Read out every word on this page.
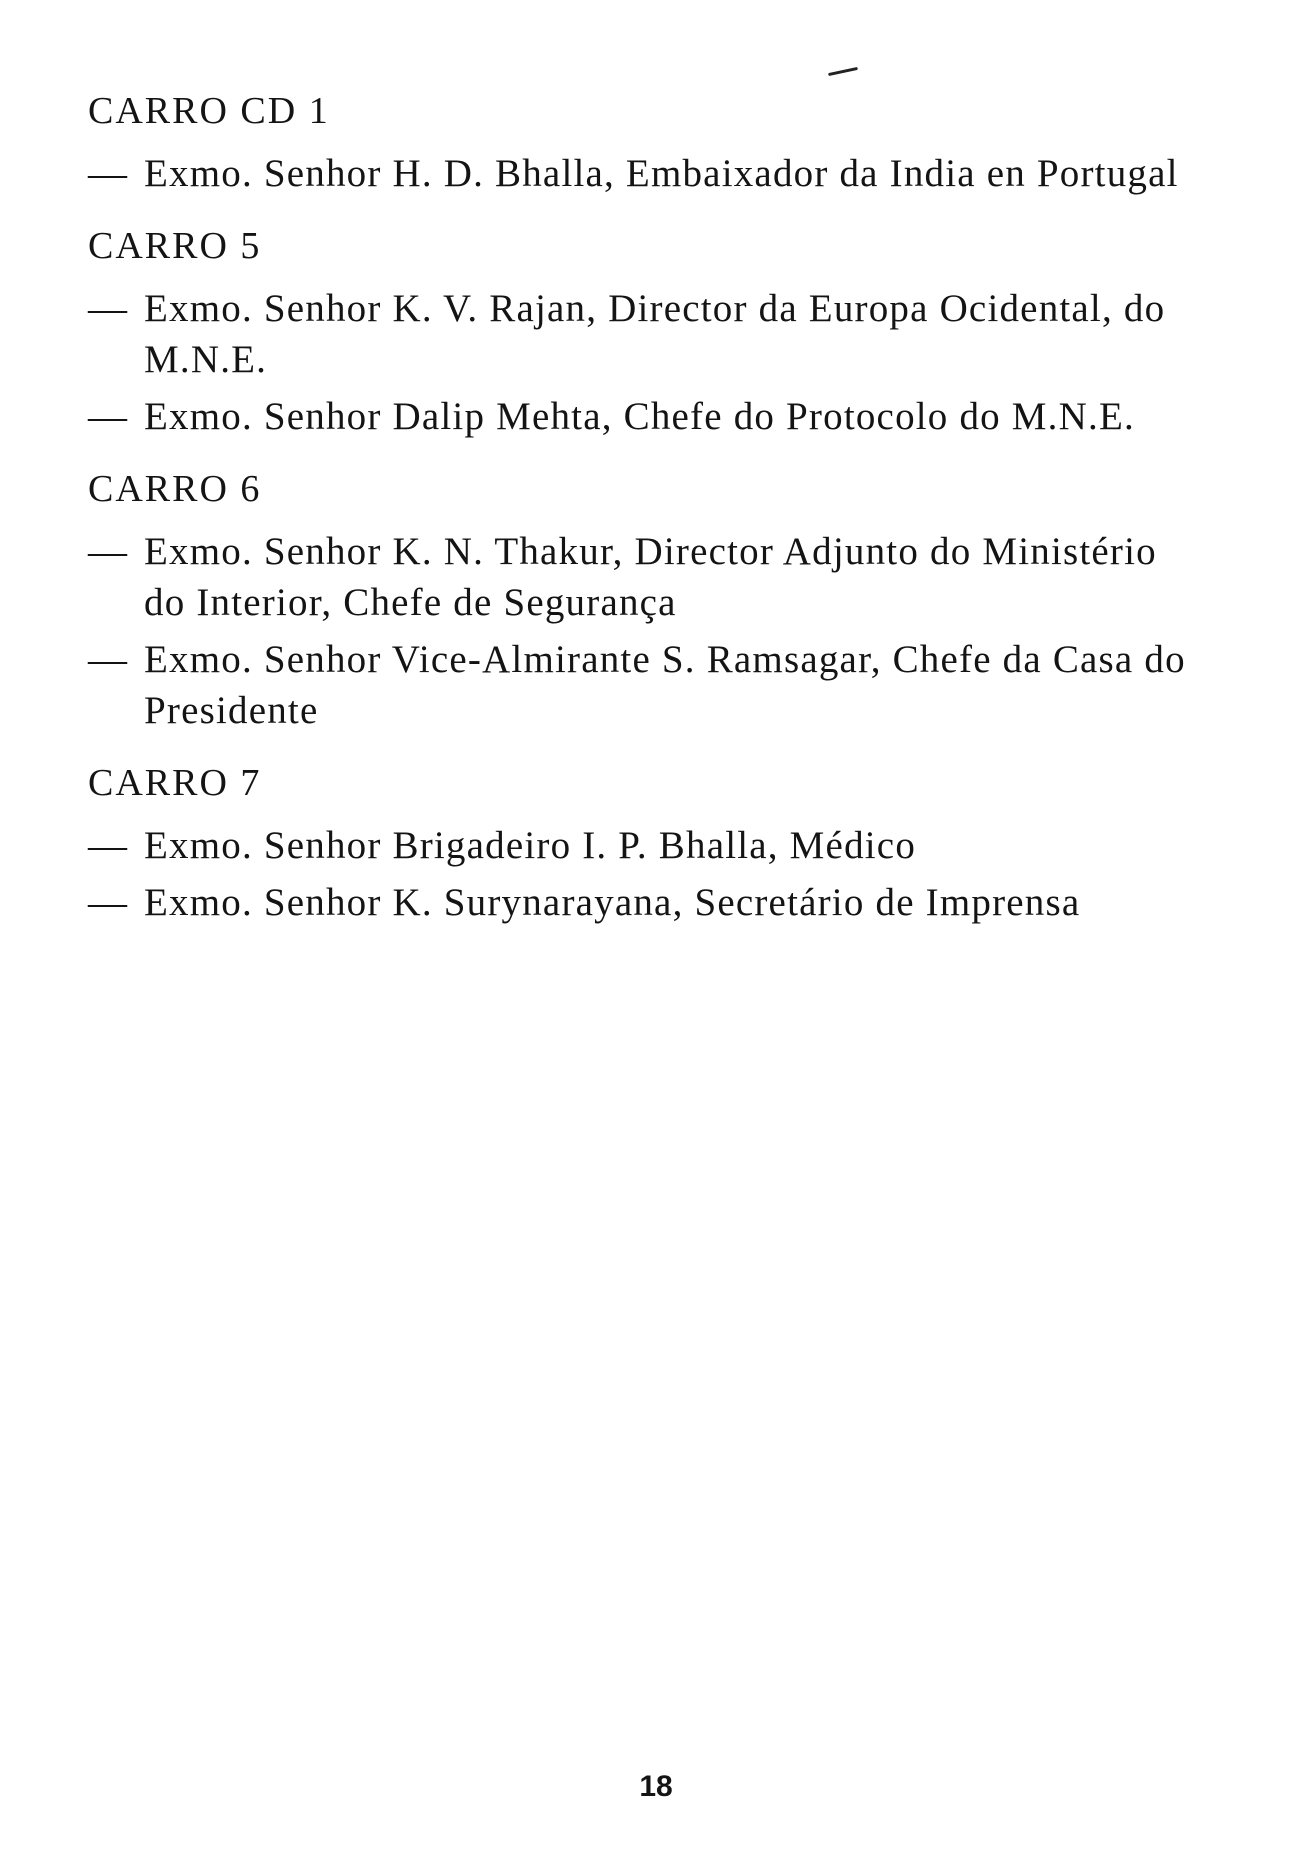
CARRO CD 1
— Exmo. Senhor H. D. Bhalla, Embaixador da India en Portugal
CARRO 5
— Exmo. Senhor K. V. Rajan, Director da Europa Ocidental, do M.N.E.
— Exmo. Senhor Dalip Mehta, Chefe do Protocolo do M.N.E.
CARRO 6
— Exmo. Senhor K. N. Thakur, Director Adjunto do Ministério do Interior, Chefe de Segurança
— Exmo. Senhor Vice-Almirante S. Ramsagar, Chefe da Casa do Presidente
CARRO 7
— Exmo. Senhor Brigadeiro I. P. Bhalla, Médico
— Exmo. Senhor K. Surynarayana, Secretário de Imprensa
18
